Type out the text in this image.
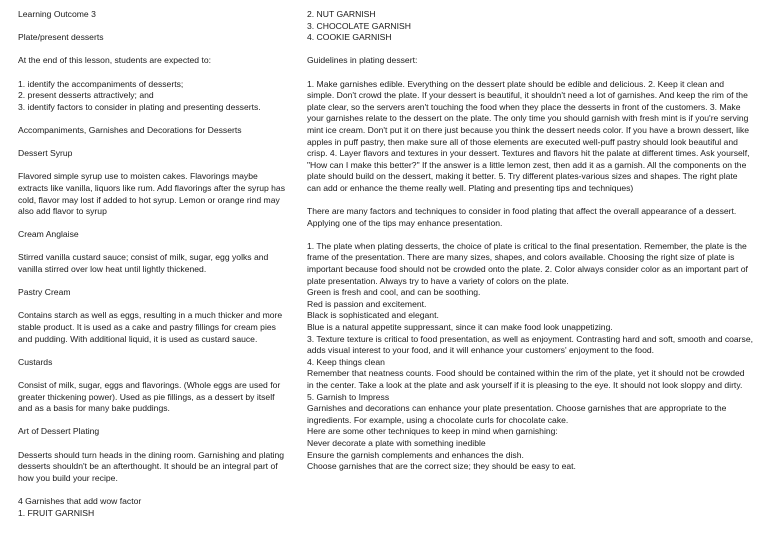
Learning Outcome 3

Plate/present desserts

At the end of this lesson, students are expected to:

1. identify the accompaniments of desserts;
2. present desserts attractively; and
3. identify factors to consider in plating and presenting desserts.

Accompaniments, Garnishes and Decorations for Desserts

Dessert Syrup

Flavored simple syrup use to moisten cakes. Flavorings maybe extracts like vanilla, liquors like rum. Add flavorings after the syrup has cold, flavor may lost if added to hot syrup. Lemon or orange rind may also add flavor to syrup

Cream Anglaise

Stirred vanilla custard sauce; consist of milk, sugar, egg yolks and vanilla stirred over low heat until lightly thickened.

Pastry Cream

Contains starch as well as eggs, resulting in a much thicker and more stable product. It is used as a cake and pastry fillings for cream pies and pudding. With additional liquid, it is used as custard sauce.

Custards

Consist of milk, sugar, eggs and flavorings. (Whole eggs are used for greater thickening power). Used as pie fillings, as a dessert by itself and as a basis for many bake puddings.

Art of Dessert Plating

Desserts should turn heads in the dining room. Garnishing and plating desserts shouldn't be an afterthought. It should be an integral part of how you build your recipe.

4 Garnishes that add wow factor
1. FRUIT GARNISH

2. NUT GARNISH
3. CHOCOLATE GARNISH
4. COOKIE GARNISH

Guidelines in plating dessert:

1. Make garnishes edible. Everything on the dessert plate should be edible and delicious. 2. Keep it clean and simple. Don't crowd the plate. If your dessert is beautiful, it shouldn't need a lot of garnishes. And keep the rim of the plate clear, so the servers aren't touching the food when they place the desserts in front of the customers. 3. Make your garnishes relate to the dessert on the plate. The only time you should garnish with fresh mint is if you're serving mint ice cream. Don't put it on there just because you think the dessert needs color. If you have a brown dessert, like apples in puff pastry, then make sure all of those elements are executed well-puff pastry should look beautiful and crisp. 4. Layer flavors and textures in your dessert. Textures and flavors hit the palate at different times. Ask yourself, "How can I make this better?" If the answer is a little lemon zest, then add it as a garnish. All the components on the plate should build on the dessert, making it better. 5. Try different plates-various sizes and shapes. The right plate can add or enhance the theme really well. Plating and presenting tips and techniques)

There are many factors and techniques to consider in food plating that affect the overall appearance of a dessert. Applying one of the tips may enhance presentation.

1. The plate when plating desserts, the choice of plate is critical to the final presentation. Remember, the plate is the frame of the presentation. There are many sizes, shapes, and colors available. Choosing the right size of plate is important because food should not be crowded onto the plate. 2. Color always consider color as an important part of plate presentation. Always try to have a variety of colors on the plate.
Green is fresh and cool, and can be soothing.
Red is passion and excitement.
Black is sophisticated and elegant.
Blue is a natural appetite suppressant, since it can make food look unappetizing.
3. Texture texture is critical to food presentation, as well as enjoyment. Contrasting hard and soft, smooth and coarse, adds visual interest to your food, and it will enhance your customers' enjoyment to the food.
4. Keep things clean
Remember that neatness counts. Food should be contained within the rim of the plate, yet it should not be crowded in the center. Take a look at the plate and ask yourself if it is pleasing to the eye. It should not look sloppy and dirty.
5. Garnish to Impress
Garnishes and decorations can enhance your plate presentation. Choose garnishes that are appropriate to the ingredients. For example, using a chocolate curls for chocolate cake.
Here are some other techniques to keep in mind when garnishing:
Never decorate a plate with something inedible
Ensure the garnish complements and enhances the dish.
Choose garnishes that are the correct size; they should be easy to eat.
